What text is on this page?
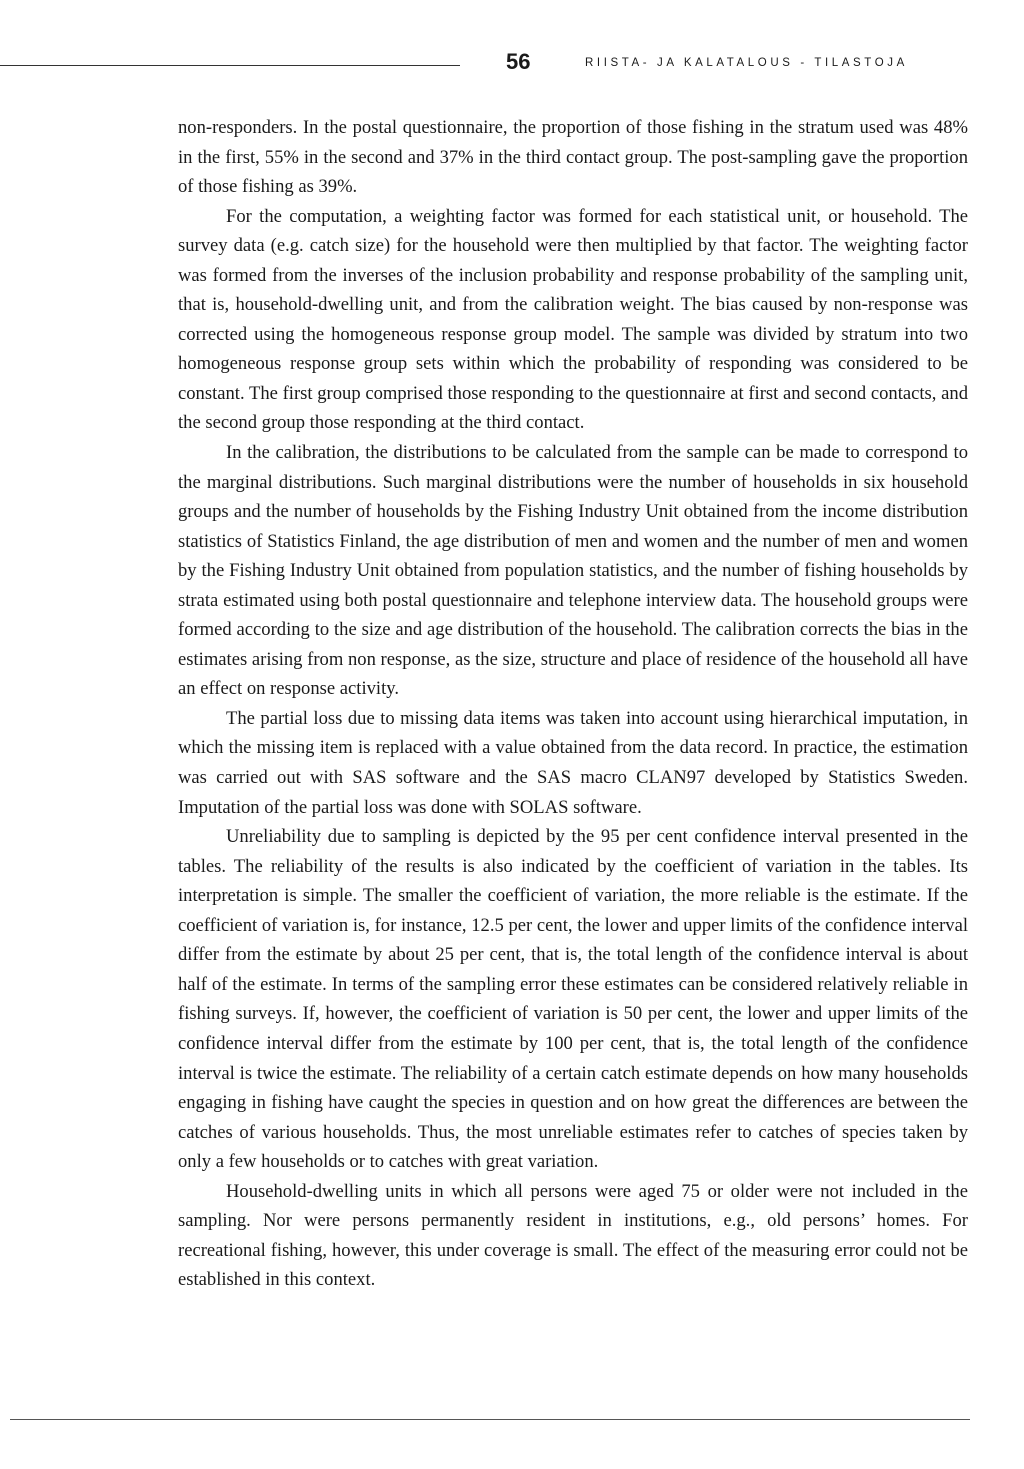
56	RIISTA- JA KALATALOUS - TILASTOJA

non-responders. In the postal questionnaire, the proportion of those fishing in the stratum used was 48% in the first, 55% in the second and 37% in the third contact group. The post-sampling gave the proportion of those fishing as 39%.

For the computation, a weighting factor was formed for each statistical unit, or household. The survey data (e.g. catch size) for the household were then multiplied by that factor. The weighting factor was formed from the inverses of the inclusion probability and response probability of the sampling unit, that is, household-dwelling unit, and from the calibration weight. The bias caused by non-response was corrected using the homogeneous response group model. The sample was divided by stratum into two homogeneous response group sets within which the probability of responding was considered to be constant. The first group comprised those responding to the questionnaire at first and second contacts, and the second group those responding at the third contact.

In the calibration, the distributions to be calculated from the sample can be made to correspond to the marginal distributions. Such marginal distributions were the number of households in six household groups and the number of households by the Fishing Industry Unit obtained from the income distribution statistics of Statistics Finland, the age distribution of men and women and the number of men and women by the Fishing Industry Unit obtained from population statistics, and the number of fishing households by strata estimated using both postal questionnaire and telephone interview data. The household groups were formed according to the size and age distribution of the household. The calibration corrects the bias in the estimates arising from non response, as the size, structure and place of residence of the household all have an effect on response activity.

The partial loss due to missing data items was taken into account using hierarchical imputation, in which the missing item is replaced with a value obtained from the data record. In practice, the estimation was carried out with SAS software and the SAS macro CLAN97 developed by Statistics Sweden. Imputation of the partial loss was done with SOLAS software.

Unreliability due to sampling is depicted by the 95 per cent confidence interval presented in the tables. The reliability of the results is also indicated by the coefficient of variation in the tables. Its interpretation is simple. The smaller the coefficient of variation, the more reliable is the estimate. If the coefficient of variation is, for instance, 12.5 per cent, the lower and upper limits of the confidence interval differ from the estimate by about 25 per cent, that is, the total length of the confidence interval is about half of the estimate. In terms of the sampling error these estimates can be considered relatively reliable in fishing surveys. If, however, the coefficient of variation is 50 per cent, the lower and upper limits of the confidence interval differ from the estimate by 100 per cent, that is, the total length of the confidence interval is twice the estimate. The reliability of a certain catch estimate depends on how many households engaging in fishing have caught the species in question and on how great the differences are between the catches of various households. Thus, the most unreliable estimates refer to catches of species taken by only a few households or to catches with great variation.

Household-dwelling units in which all persons were aged 75 or older were not included in the sampling. Nor were persons permanently resident in institutions, e.g., old persons’ homes. For recreational fishing, however, this under coverage is small. The effect of the measuring error could not be established in this context.
